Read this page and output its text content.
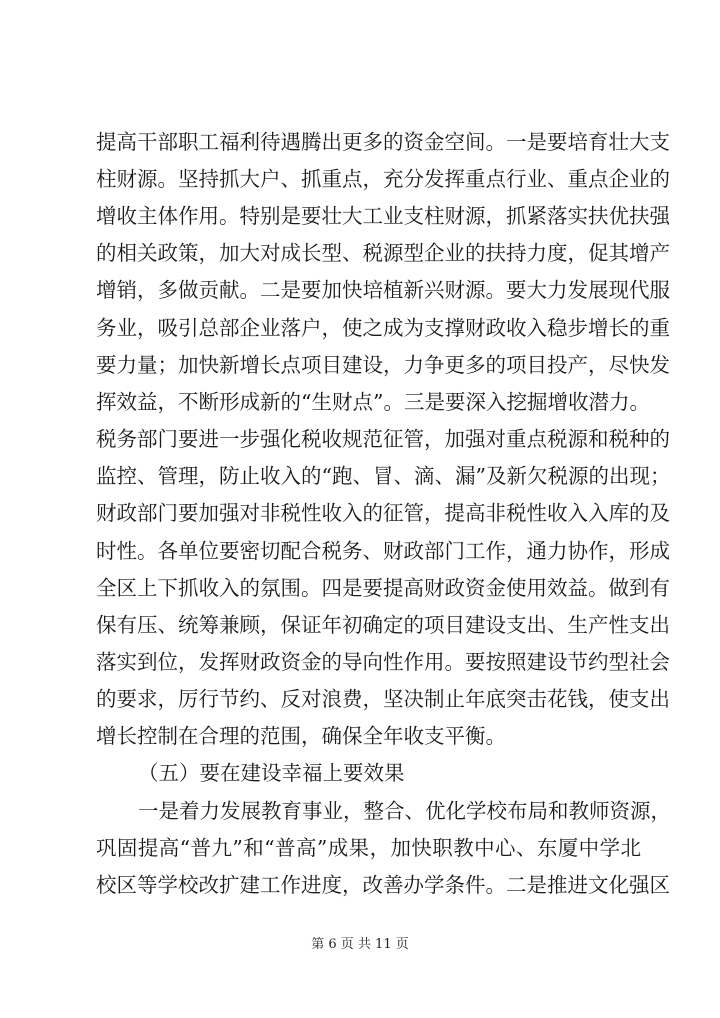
提高干部职工福利待遇腾出更多的资金空间。一是要培育壮大支
柱财源。坚持抓大户、抓重点，充分发挥重点行业、重点企业的
增收主体作用。特别是要壮大工业支柱财源，抓紧落实扶优扶强
的相关政策，加大对成长型、税源型企业的扶持力度，促其增产
增销，多做贡献。二是要加快培植新兴财源。要大力发展现代服
务业，吸引总部企业落户，使之成为支撑财政收入稳步增长的重
要力量；加快新增长点项目建设，力争更多的项目投产，尽快发
挥效益，不断形成新的“生财点”。三是要深入挖掘增收潜力。
税务部门要进一步强化税收规范征管，加强对重点税源和税种的
监控、管理，防止收入的“跑、冒、滴、漏”及新欠税源的出现；
财政部门要加强对非税性收入的征管，提高非税性收入入库的及
时性。各单位要密切配合税务、财政部门工作，通力协作，形成
全区上下抓收入的氛围。四是要提高财政资金使用效益。做到有
保有压、统筹兼顾，保证年初确定的项目建设支出、生产性支出
落实到位，发挥财政资金的导向性作用。要按照建设节约型社会
的要求，厉行节约、反对浪费，坚决制止年底突击花钱，使支出
增长控制在合理的范围，确保全年收支平衡。
（五）要在建设幸福上要效果
一是着力发展教育事业，整合、优化学校布局和教师资源，
巩固提高“普九”和“普高”成果，加快职教中心、东厦中学北
校区等学校改扩建工作进度，改善办学条件。二是推进文化强区
第 6 页 共 11 页
